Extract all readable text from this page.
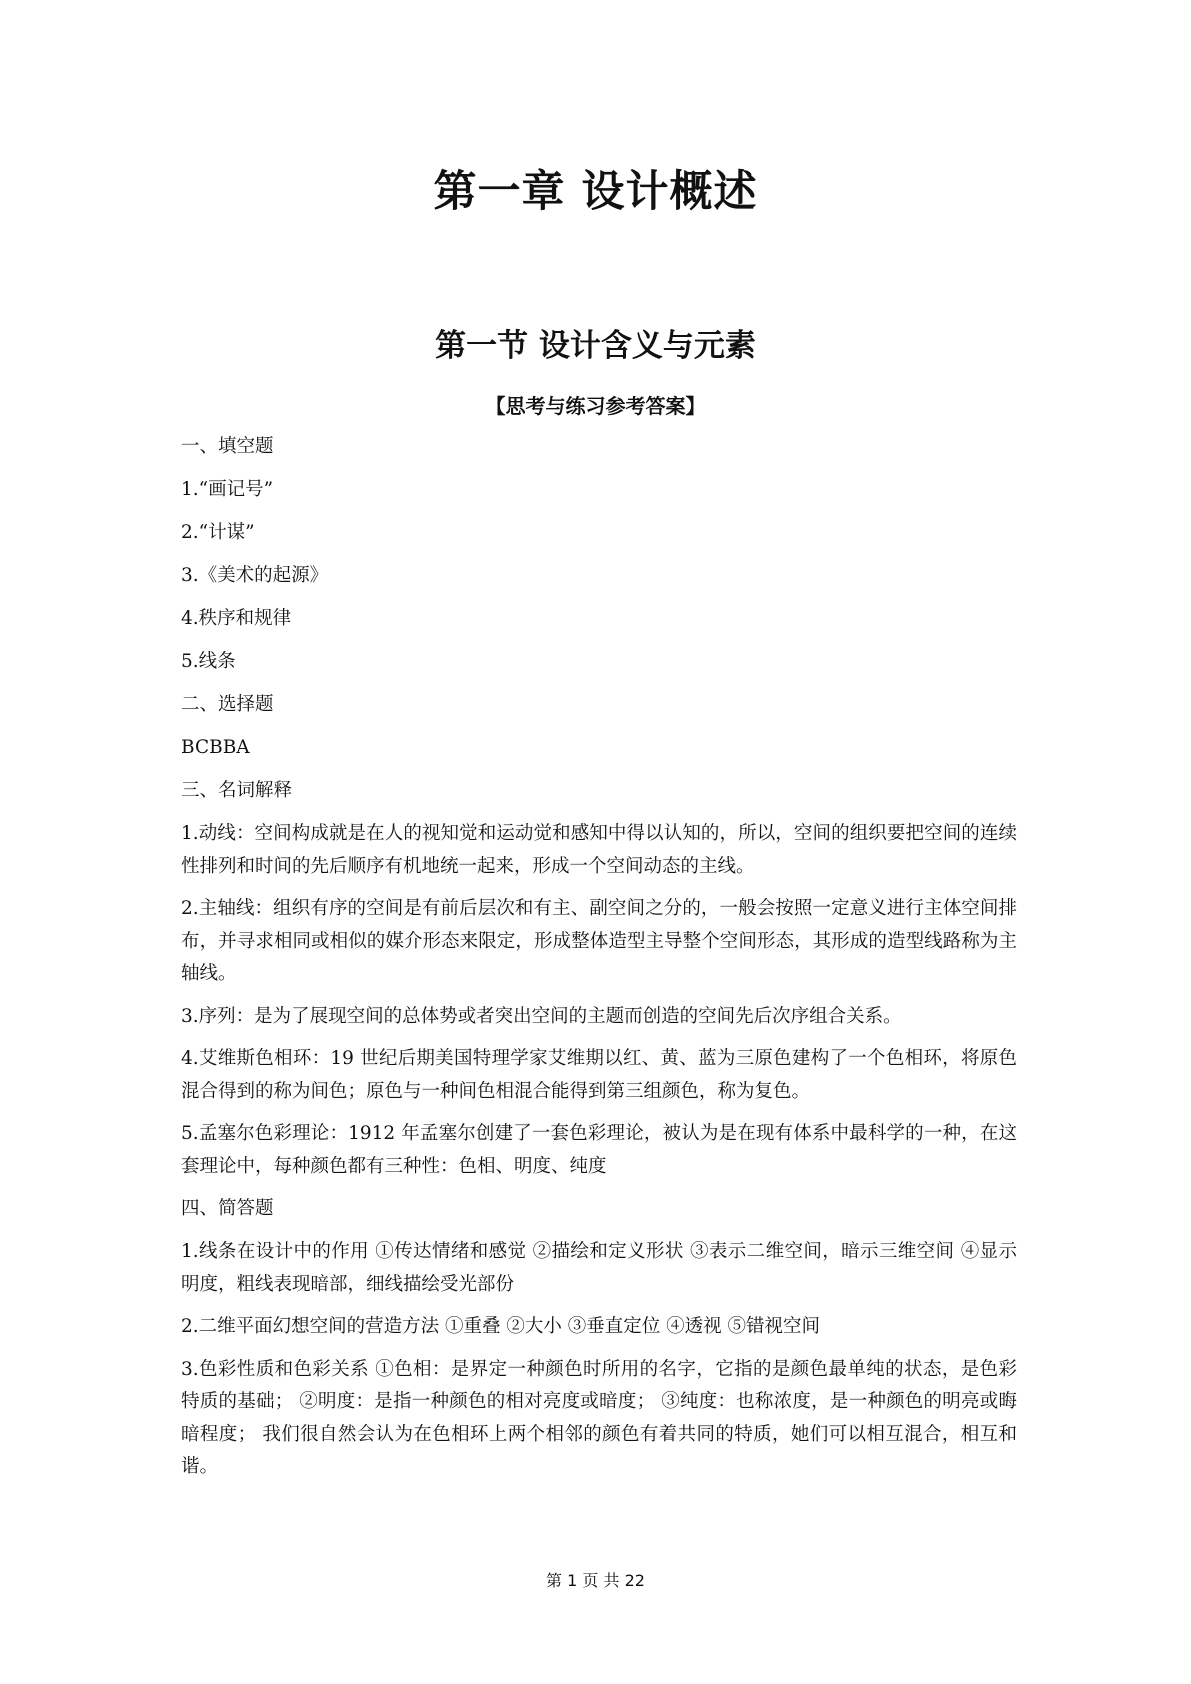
第一章 设计概述
第一节 设计含义与元素
【思考与练习参考答案】
一、填空题
1.“画记号”
2.“计谋”
3.《美术的起源》
4.秩序和规律
5.线条
二、选择题
BCBBA
三、名词解释
1.动线：空间构成就是在人的视知觉和运动觉和感知中得以认知的，所以，空间的组织要把空间的连续性排列和时间的先后顺序有机地统一起来，形成一个空间动态的主线。
2.主轴线：组织有序的空间是有前后层次和有主、副空间之分的，一般会按照一定意义进行主体空间排布，并寻求相同或相似的媒介形态来限定，形成整体造型主导整个空间形态，其形成的造型线路称为主轴线。
3.序列：是为了展现空间的总体势或者突出空间的主题而创造的空间先后次序组合关系。
4.艾维斯色相环：19 世纪后期美国特理学家艾维期以红、黄、蓝为三原色建构了一个色相环，将原色混合得到的称为间色；原色与一种间色相混合能得到第三组颜色，称为复色。
5.孟塞尔色彩理论：1912 年孟塞尔创建了一套色彩理论，被认为是在现有体系中最科学的一种，在这套理论中，每种颜色都有三种性：色相、明度、纯度
四、简答题
1.线条在设计中的作用 ①传达情绪和感觉 ②描绘和定义形状 ③表示二维空间，暗示三维空间 ④显示明度，粗线表现暗部，细线描绘受光部份
2.二维平面幻想空间的营造方法 ①重叠 ②大小 ③垂直定位 ④透视 ⑤错视空间
3.色彩性质和色彩关系 ①色相：是界定一种颜色时所用的名字，它指的是颜色最单纯的状态，是色彩特质的基础； ②明度：是指一种颜色的相对亮度或暗度； ③纯度：也称浓度，是一种颜色的明亮或晦暗程度； 我们很自然会认为在色相环上两个相邻的颜色有着共同的特质，她们可以相互混合，相互和谐。
第 1 页 共 22
